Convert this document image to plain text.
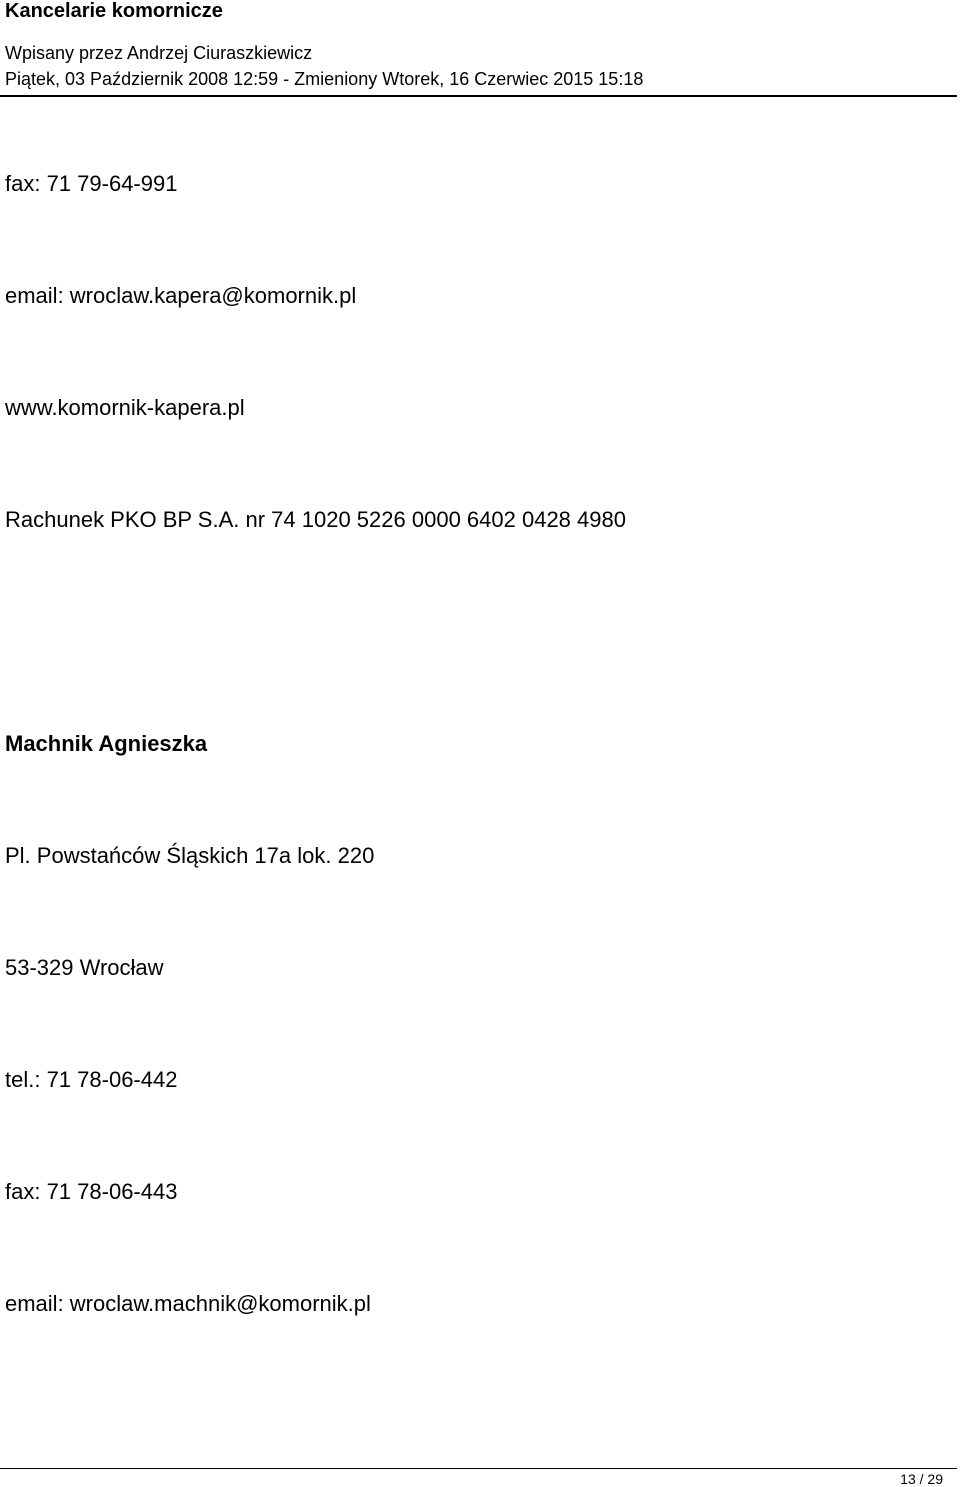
Kancelarie komornicze
Wpisany przez Andrzej Ciuraszkiewicz
Piątek, 03 Październik 2008 12:59 - Zmieniony Wtorek, 16 Czerwiec 2015 15:18
fax: 71 79-64-991
email: wroclaw.kapera@komornik.pl
www.komornik-kapera.pl
Rachunek PKO BP S.A. nr 74 1020 5226 0000 6402 0428 4980
Machnik Agnieszka
Pl. Powstańców Śląskich 17a lok. 220
53-329 Wrocław
tel.: 71 78-06-442
fax: 71 78-06-443
email: wroclaw.machnik@komornik.pl
13 / 29
